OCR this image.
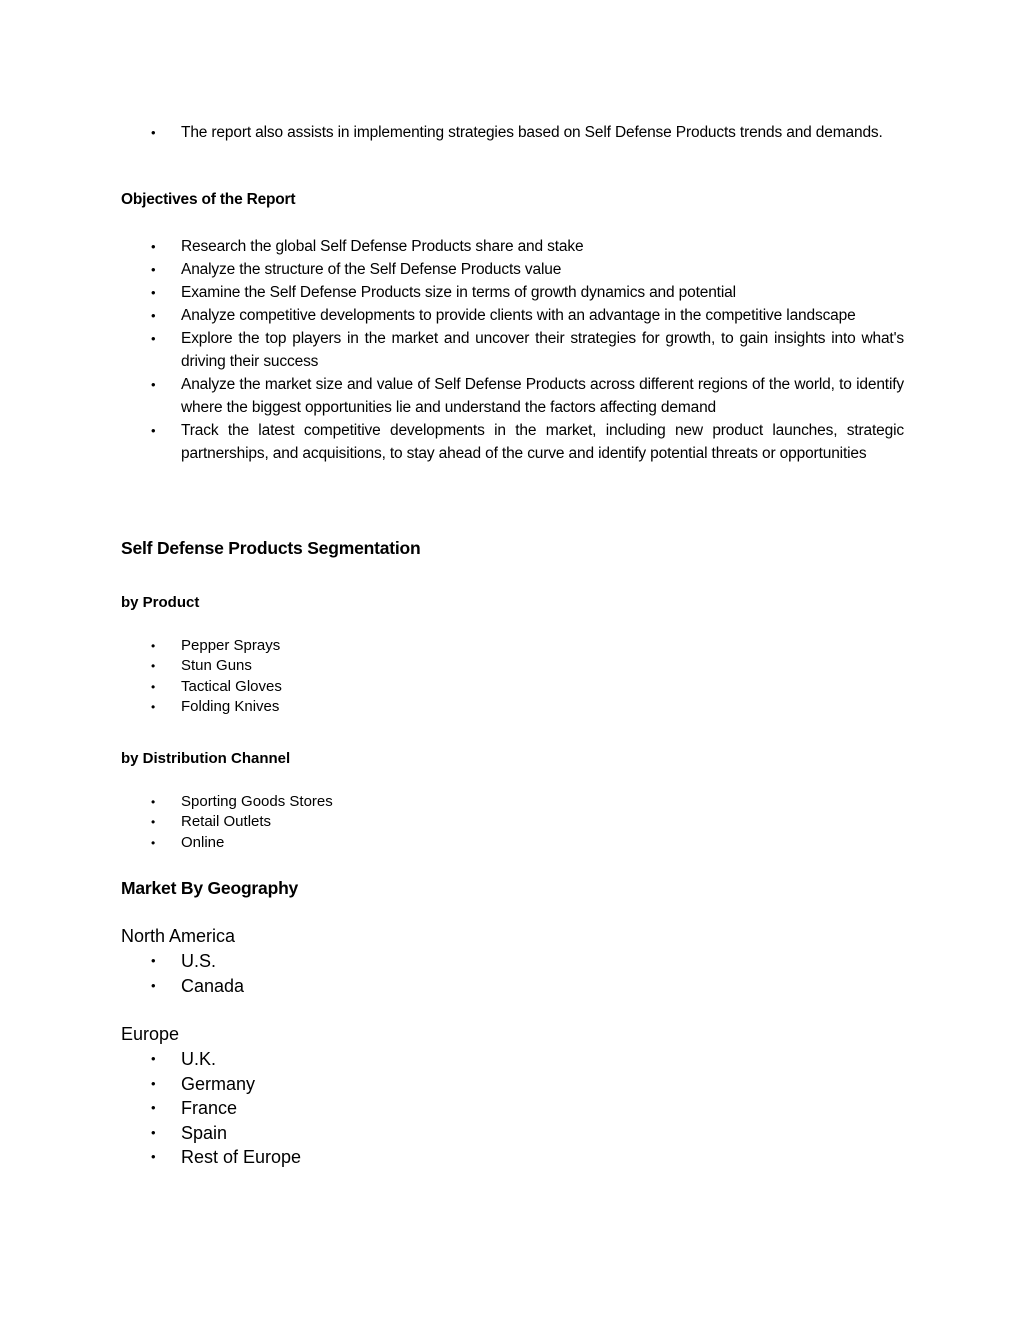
•	The report also assists in implementing strategies based on Self Defense Products trends and demands.
Objectives of the Report
•	Research the global Self Defense Products share and stake
•	Analyze the structure of the Self Defense Products value
•	Examine the Self Defense Products size in terms of growth dynamics and potential
•	Analyze competitive developments to provide clients with an advantage in the competitive landscape
•	Explore the top players in the market and uncover their strategies for growth, to gain insights into what's driving their success
•	Analyze the market size and value of Self Defense Products across different regions of the world, to identify where the biggest opportunities lie and understand the factors affecting demand
•	Track the latest competitive developments in the market, including new product launches, strategic partnerships, and acquisitions, to stay ahead of the curve and identify potential threats or opportunities
Self Defense Products Segmentation
by Product
•	Pepper Sprays
•	Stun Guns
•	Tactical Gloves
•	Folding Knives
by Distribution Channel
•	Sporting Goods Stores
•	Retail Outlets
•	Online
Market By Geography
North America
•	U.S.
•	Canada
Europe
•	U.K.
•	Germany
•	France
•	Spain
•	Rest of Europe
